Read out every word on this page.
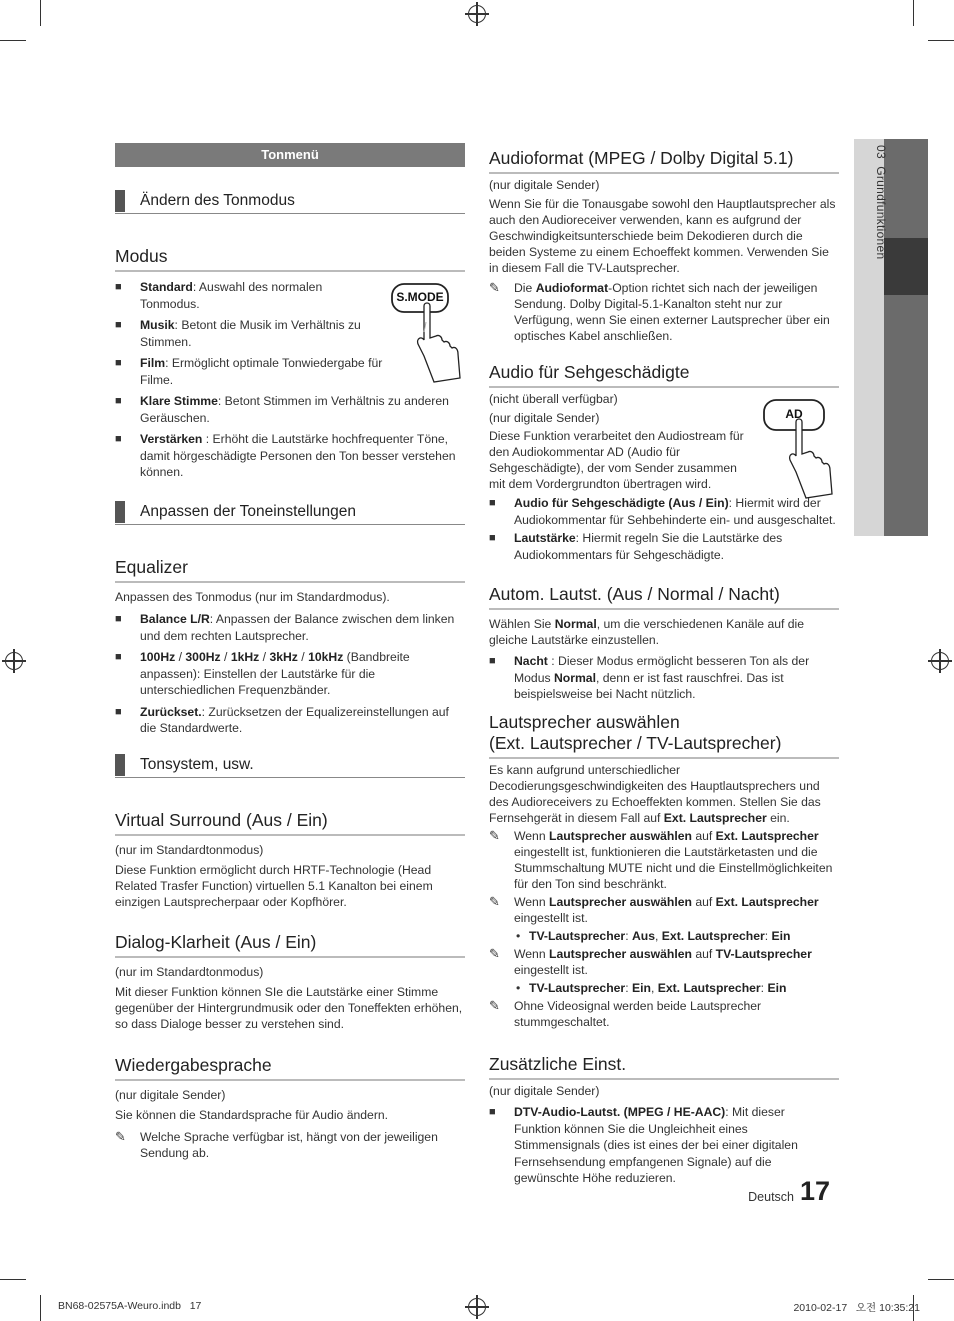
03  Grundfunktionen
Tonmenü
Ändern des Tonmodus
Modus
S.MODE

■ Standard: Auswahl des normalen Tonmodus.

■ Musik: Betont die Musik im Verhältnis zu Stimmen.

■ Film: Ermöglicht optimale Tonwiedergabe für Filme.

■ Klare Stimme: Betont Stimmen im Verhältnis zu anderen Geräuschen.

■ Verstärken : Erhöht die Lautstärke hochfrequenter Töne, damit hörgeschädigte Personen den Ton besser verstehen können.

Anpassen der Toneinstellungen
Equalizer

Anpassen des Tonmodus (nur im Standardmodus).

■ Balance L/R: Anpassen der Balance zwischen dem linken und dem rechten Lautsprecher.

■ 100Hz / 300Hz / 1kHz / 3kHz / 10kHz (Bandbreite anpassen): Einstellen der Lautstärke für die unterschiedlichen Frequenzbänder.

■ Zurückset.: Zurücksetzen der Equalizereinstellungen auf die Standardwerte.

Tonsystem, usw.
Virtual Surround (Aus / Ein)

(nur im Standardtonmodus)

Diese Funktion ermöglicht durch HRTF-Technologie (Head Related Trasfer Function) virtuellen 5.1 Kanalton bei einem einzigen Lautsprecherpaar oder Kopfhörer.

Dialog-Klarheit (Aus / Ein)

(nur im Standardtonmodus)

Mit dieser Funktion können SIe die Lautstärke einer Stimme gegenüber der Hintergrundmusik oder den Toneffekten erhöhen, so dass Dialoge besser zu verstehen sind.

Wiedergabesprache

(nur digitale Sender)

Sie können die Standardsprache für Audio ändern.

✎ Welche Sprache verfügbar ist, hängt von der jeweiligen Sendung ab.

Audioformat (MPEG / Dolby Digital 5.1)

(nur digitale Sender)

Wenn Sie für die Tonausgabe sowohl den Hauptlautsprecher als auch den Audioreceiver verwenden, kann es aufgrund der Geschwindigkeitsunterschiede beim Dekodieren durch die beiden Systeme zu einem Echoeffekt kommen. Verwenden Sie in diesem Fall die TV-Lautsprecher.

✎ Die Audioformat-Option richtet sich nach der jeweiligen Sendung. Dolby Digital-5.1-Kanalton steht nur zur Verfügung, wenn Sie einen externer Lautsprecher über ein optisches Kabel anschließen.

AD
Audio für Sehgeschädigte

(nicht überall verfügbar)

(nur digitale Sender)

Diese Funktion verarbeitet den Audiostream für den Audiokommentar AD (Audio für Sehgeschädigte), der vom Sender zusammen mit dem Vordergrundton übertragen wird.

■ Audio für Sehgeschädigte (Aus / Ein): Hiermit wird der Audiokommentar für Sehbehinderte ein- und ausgeschaltet.

■ Lautstärke: Hiermit regeln Sie die Lautstärke des Audiokommentars für Sehgeschädigte.

Autom. Lautst. (Aus / Normal / Nacht)

Wählen Sie Normal, um die verschiedenen Kanäle auf die gleiche Lautstärke einzustellen.

■ Nacht : Dieser Modus ermöglicht besseren Ton als der Modus Normal, denn er ist fast rauschfrei. Das ist beispielsweise bei Nacht nützlich.

Lautsprecher auswählen
(Ext. Lautsprecher / TV-Lautsprecher)

Es kann aufgrund unterschiedlicher Decodierungsgeschwindigkeiten des Hauptlautsprechers und des Audioreceivers zu Echoeffekten kommen. Stellen Sie das Fernsehgerät in diesem Fall auf Ext. Lautsprecher ein.

✎ Wenn Lautsprecher auswählen auf Ext. Lautsprecher eingestellt ist, funktionieren die Lautstärketasten und die Stummschaltung MUTE nicht und die Einstellmöglichkeiten für den Ton sind beschränkt.

✎ Wenn Lautsprecher auswählen auf Ext. Lautsprecher eingestellt ist.

• TV-Lautsprecher: Aus, Ext. Lautsprecher: Ein

✎ Wenn Lautsprecher auswählen auf TV-Lautsprecher eingestellt ist.

• TV-Lautsprecher: Ein, Ext. Lautsprecher: Ein

✎ Ohne Videosignal werden beide Lautsprecher stummgeschaltet.

Zusätzliche Einst.

(nur digitale Sender)

■ DTV-Audio-Lautst. (MPEG / HE-AAC): Mit dieser Funktion können Sie die Ungleichheit eines Stimmensignals (dies ist eines der bei einer digitalen Fernsehsendung empfangenen Signale) auf die gewünschte Höhe reduzieren.

Deutsch 17
BN68-02575A-Weuro.indb   17	2010-02-17   오전 10:35:21
